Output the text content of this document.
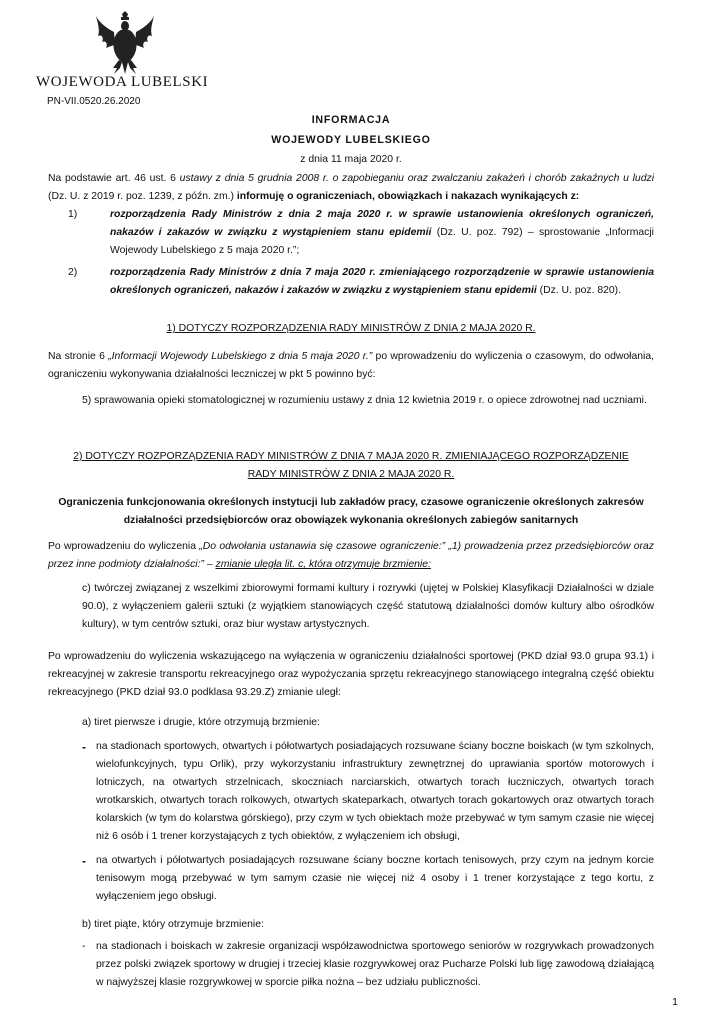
WOJEWODA LUBELSKI
PN-VII.0520.26.2020
INFORMACJA
WOJEWODY LUBELSKIEGO
z dnia 11 maja 2020 r.
Na podstawie art. 46 ust. 6 ustawy z dnia 5 grudnia 2008 r. o zapobieganiu oraz zwalczaniu zakażeń i chorób zakaźnych u ludzi (Dz. U. z 2019 r. poz. 1239, z późn. zm.) informuję o ograniczeniach, obowiązkach i nakazach wynikających z:
1)	rozporządzenia Rady Ministrów z dnia 2 maja 2020 r. w sprawie ustanowienia określonych ograniczeń, nakazów i zakazów w związku z wystąpieniem stanu epidemii (Dz. U. poz. 792) – sprostowanie „Informacji Wojewody Lubelskiego z 5 maja 2020 r.”;
2)	rozporządzenia Rady Ministrów z dnia 7 maja 2020 r. zmieniającego rozporządzenie w sprawie ustanowienia określonych ograniczeń, nakazów i zakazów w związku z wystąpieniem stanu epidemii (Dz. U. poz. 820).
1) DOTYCZY ROZPORZĄDZENIA RADY MINISTRÓW Z DNIA 2 MAJA 2020 R.
Na stronie 6 „Informacji Wojewody Lubelskiego z dnia 5 maja 2020 r.” po wprowadzeniu do wyliczenia o czasowym, do odwołania, ograniczeniu wykonywania działalności leczniczej w pkt 5 powinno być:
5) sprawowania opieki stomatologicznej w rozumieniu ustawy z dnia 12 kwietnia 2019 r. o opiece zdrowotnej nad uczniami.
2) DOTYCZY ROZPORZĄDZENIA RADY MINISTRÓW Z DNIA 7 MAJA 2020 R. ZMIENIAJĄCEGO ROZPORZĄDZENIE
RADY MINISTRÓW Z DNIA 2 MAJA 2020 R.
Ograniczenia funkcjonowania określonych instytucji lub zakładów pracy, czasowe ograniczenie określonych zakresów działalności przedsiębiorców oraz obowiązek wykonania określonych zabiegów sanitarnych
Po wprowadzeniu do wyliczenia „Do odwołania ustanawia się czasowe ograniczenie:” „1) prowadzenia przez przedsiębiorców oraz przez inne podmioty działalności:” – zmianie uległa lit. c, która otrzymuje brzmienie:
c) twórczej związanej z wszelkimi zbiorowymi formami kultury i rozrywki (ujętej w Polskiej Klasyfikacji Działalności w dziale 90.0), z wyłączeniem galerii sztuki (z wyjątkiem stanowiących część statutową działalności domów kultury albo ośrodków kultury), w tym centrów sztuki, oraz biur wystaw artystycznych.
Po wprowadzeniu do wyliczenia wskazującego na wyłączenia w ograniczeniu działalności sportowej (PKD dział 93.0 grupa 93.1) i rekreacyjnej w zakresie transportu rekreacyjnego oraz wypożyczania sprzętu rekreacyjnego stanowiącego integralną część obiektu rekreacyjnego (PKD dział 93.0 podklasa 93.29.Z) zmianie uległ:
a) tiret pierwsze i drugie, które otrzymują brzmienie:
- na stadionach sportowych, otwartych i półotwartych posiadających rozsuwane ściany boczne boiskach (w tym szkolnych, wielofunkcyjnych, typu Orlik), przy wykorzystaniu infrastruktury zewnętrznej do uprawiania sportów motorowych i lotniczych, na otwartych strzelnicach, skoczniach narciarskich, otwartych torach łuczniczych, otwartych torach wrotkarskich, otwartych torach rolkowych, otwartych skateparkach, otwartych torach gokartowych oraz otwartych torach kolarskich (w tym do kolarstwa górskiego), przy czym w tych obiektach może przebywać w tym samym czasie nie więcej niż 6 osób i 1 trener korzystających z tych obiektów, z wyłączeniem ich obsługi,
- na otwartych i półotwartych posiadających rozsuwane ściany boczne kortach tenisowych, przy czym na jednym korcie tenisowym mogą przebywać w tym samym czasie nie więcej niż 4 osoby i 1 trener korzystające z tego kortu, z wyłączeniem jego obsługi.
b) tiret piąte, który otrzymuje brzmienie:
- na stadionach i boiskach w zakresie organizacji współzawodnictwa sportowego seniorów w rozgrywkach prowadzonych przez polski związek sportowy w drugiej i trzeciej klasie rozgrywkowej oraz Pucharze Polski lub ligę zawodową działającą w najwyższej klasie rozgrywkowej w sporcie piłka nożna – bez udziału publiczności.
1
